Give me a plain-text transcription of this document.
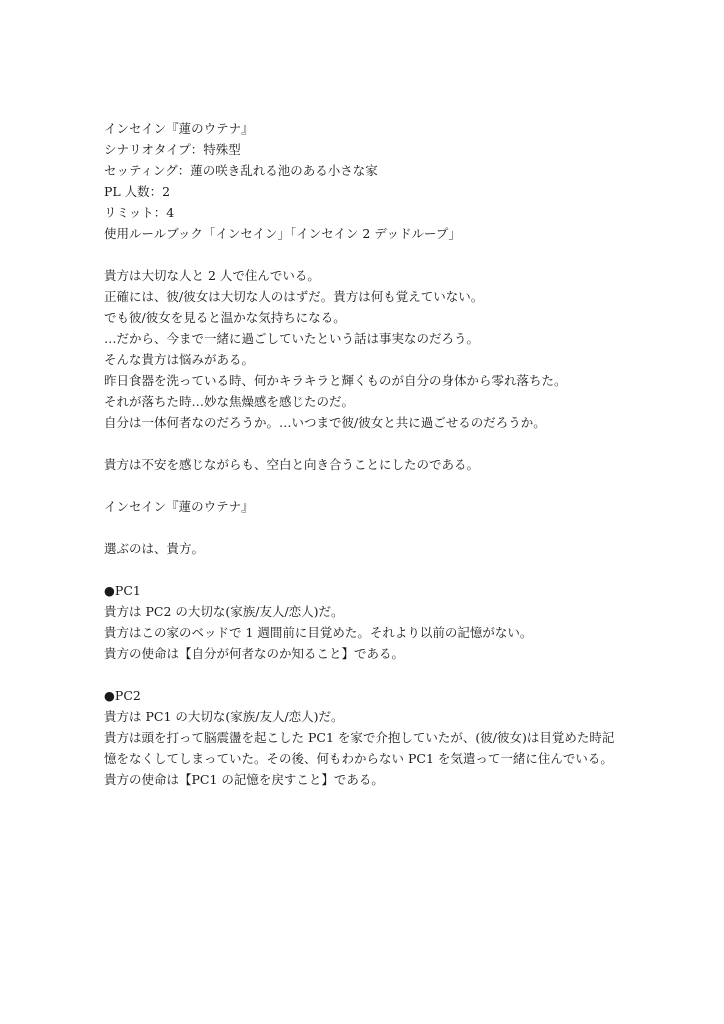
インセイン『蓮のウテナ』
シナリオタイプ：特殊型
セッティング：蓮の咲き乱れる池のある小さな家
PL 人数：2
リミット：4
使用ルールブック「インセイン」「インセイン 2 デッドループ」
貴方は大切な人と 2 人で住んでいる。
正確には、彼/彼女は大切な人のはずだ。貴方は何も覚えていない。
でも彼/彼女を見ると温かな気持ちになる。
…だから、今まで一緒に過ごしていたという話は事実なのだろう。
そんな貴方は悩みがある。
昨日食器を洗っている時、何かキラキラと輝くものが自分の身体から零れ落ちた。
それが落ちた時…妙な焦燥感を感じたのだ。
自分は一体何者なのだろうか。…いつまで彼/彼女と共に過ごせるのだろうか。
貴方は不安を感じながらも、空白と向き合うことにしたのである。
インセイン『蓮のウテナ』
選ぶのは、貴方。
●PC1
貴方は PC2 の大切な(家族/友人/恋人)だ。
貴方はこの家のベッドで 1 週間前に目覚めた。それより以前の記憶がない。
貴方の使命は【自分が何者なのか知ること】である。
●PC2
貴方は PC1 の大切な(家族/友人/恋人)だ。
貴方は頭を打って脳震盪を起こした PC1 を家で介抱していたが、(彼/彼女)は目覚めた時記
憶をなくしてしまっていた。その後、何もわからない PC1 を気遣って一緒に住んでいる。
貴方の使命は【PC1 の記憶を戻すこと】である。
